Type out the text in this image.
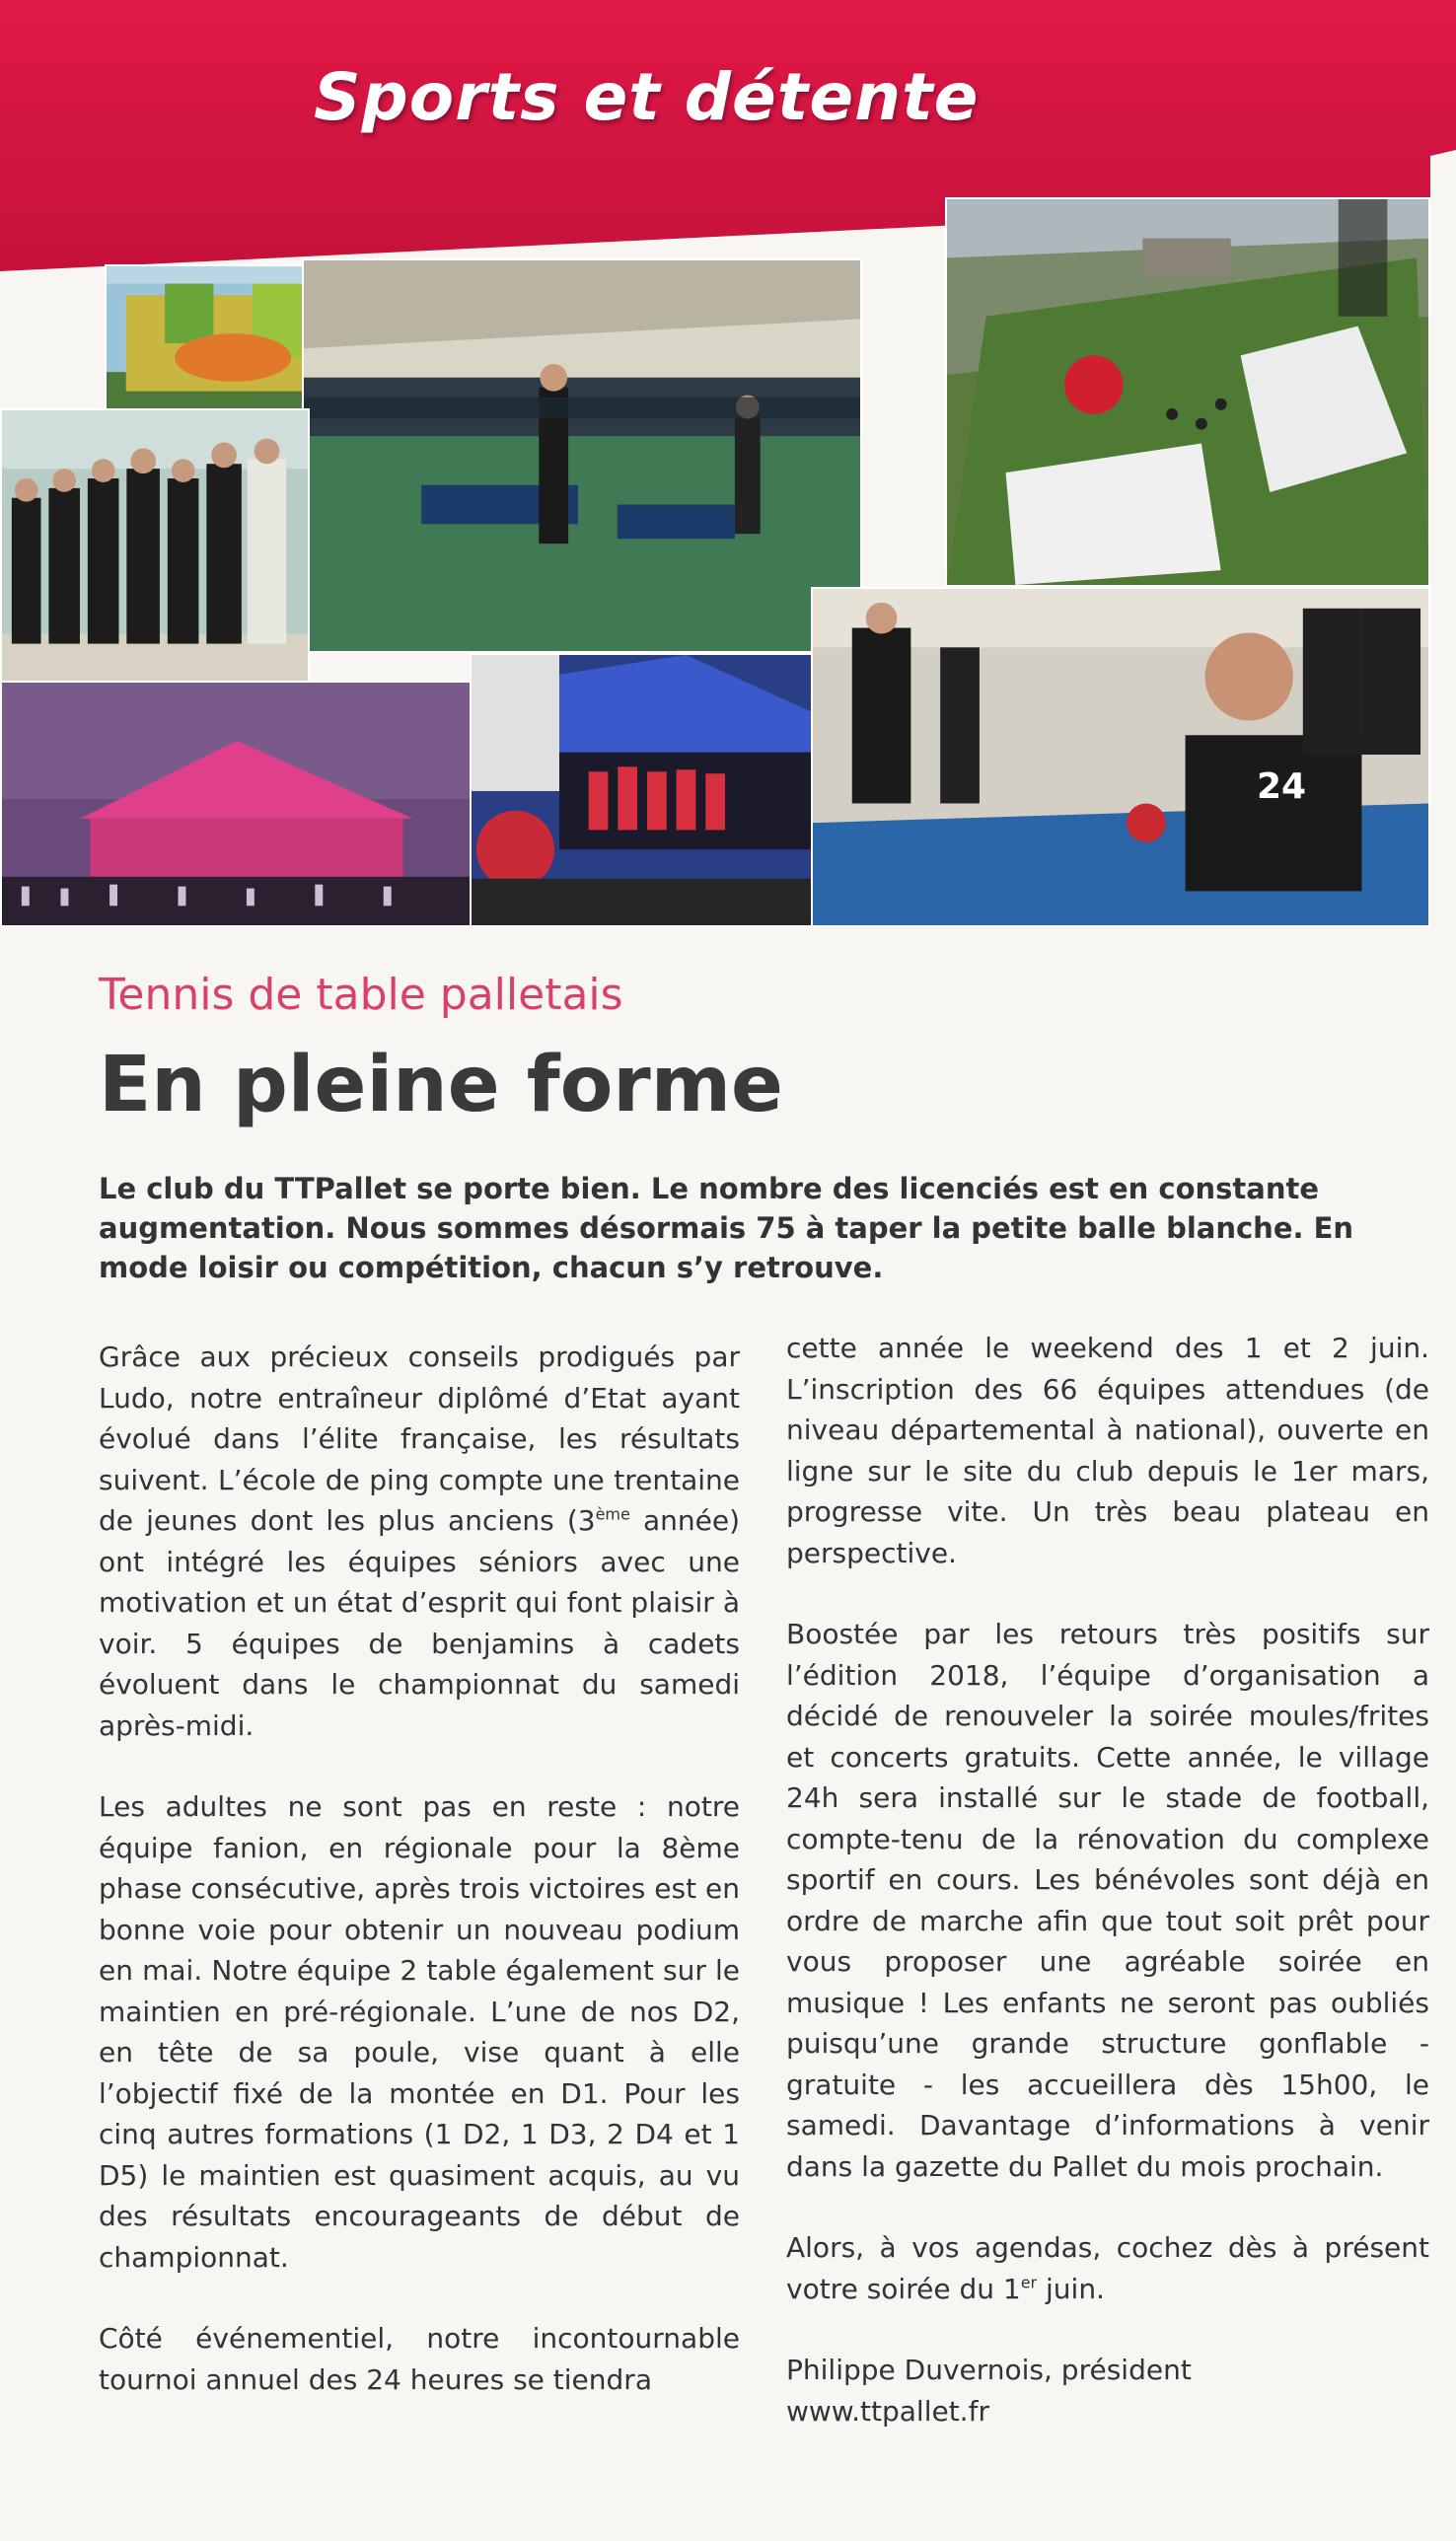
24
Sports et détente
Tennis de table palletais
En pleine forme

Le club du TTPallet se porte bien. Le nombre des licenciés est en constante augmentation. Nous sommes désormais 75 à taper la petite balle blanche. En mode loisir ou compétition, chacun s’y retrouve.

Grâce aux précieux conseils prodigués par Ludo, notre entraîneur diplômé d’Etat ayant évolué dans l’élite française, les résultats suivent. L’école de ping compte une trentaine de jeunes dont les plus anciens (3ème année) ont intégré les équipes séniors avec une motivation et un état d’esprit qui font plaisir à voir. 5 équipes de benjamins à cadets évoluent dans le championnat du samedi après-midi.

Les adultes ne sont pas en reste : notre équipe fanion, en régionale pour la 8ème phase consécutive, après trois victoires est en bonne voie pour obtenir un nouveau podium en mai. Notre équipe 2 table également sur le maintien en pré-régionale. L’une de nos D2, en tête de sa poule, vise quant à elle l’objectif fixé de la montée en D1. Pour les cinq autres formations (1 D2, 1 D3, 2 D4 et 1 D5) le maintien est quasiment acquis, au vu des résultats encourageants de début de championnat.

Côté événementiel, notre incontournable tournoi annuel des 24 heures se tiendra

cette année le weekend des 1 et 2 juin. L’inscription des 66 équipes attendues (de niveau départemental à national), ouverte en ligne sur le site du club depuis le 1er mars, progresse vite. Un très beau plateau en perspective.

Boostée par les retours très positifs sur l’édition 2018, l’équipe d’organisation a décidé de renouveler la soirée moules/frites et concerts gratuits. Cette année, le village 24h sera installé sur le stade de football, compte-tenu de la rénovation du complexe sportif en cours. Les bénévoles sont déjà en ordre de marche afin que tout soit prêt pour vous proposer une agréable soirée en musique ! Les enfants ne seront pas oubliés puisqu’une grande structure gonflable - gratuite - les accueillera dès 15h00, le samedi. Davantage d’informations à venir dans la gazette du Pallet du mois prochain.

Alors, à vos agendas, cochez dès à présent votre soirée du 1er juin.

Philippe Duvernois, président
www.ttpallet.fr
